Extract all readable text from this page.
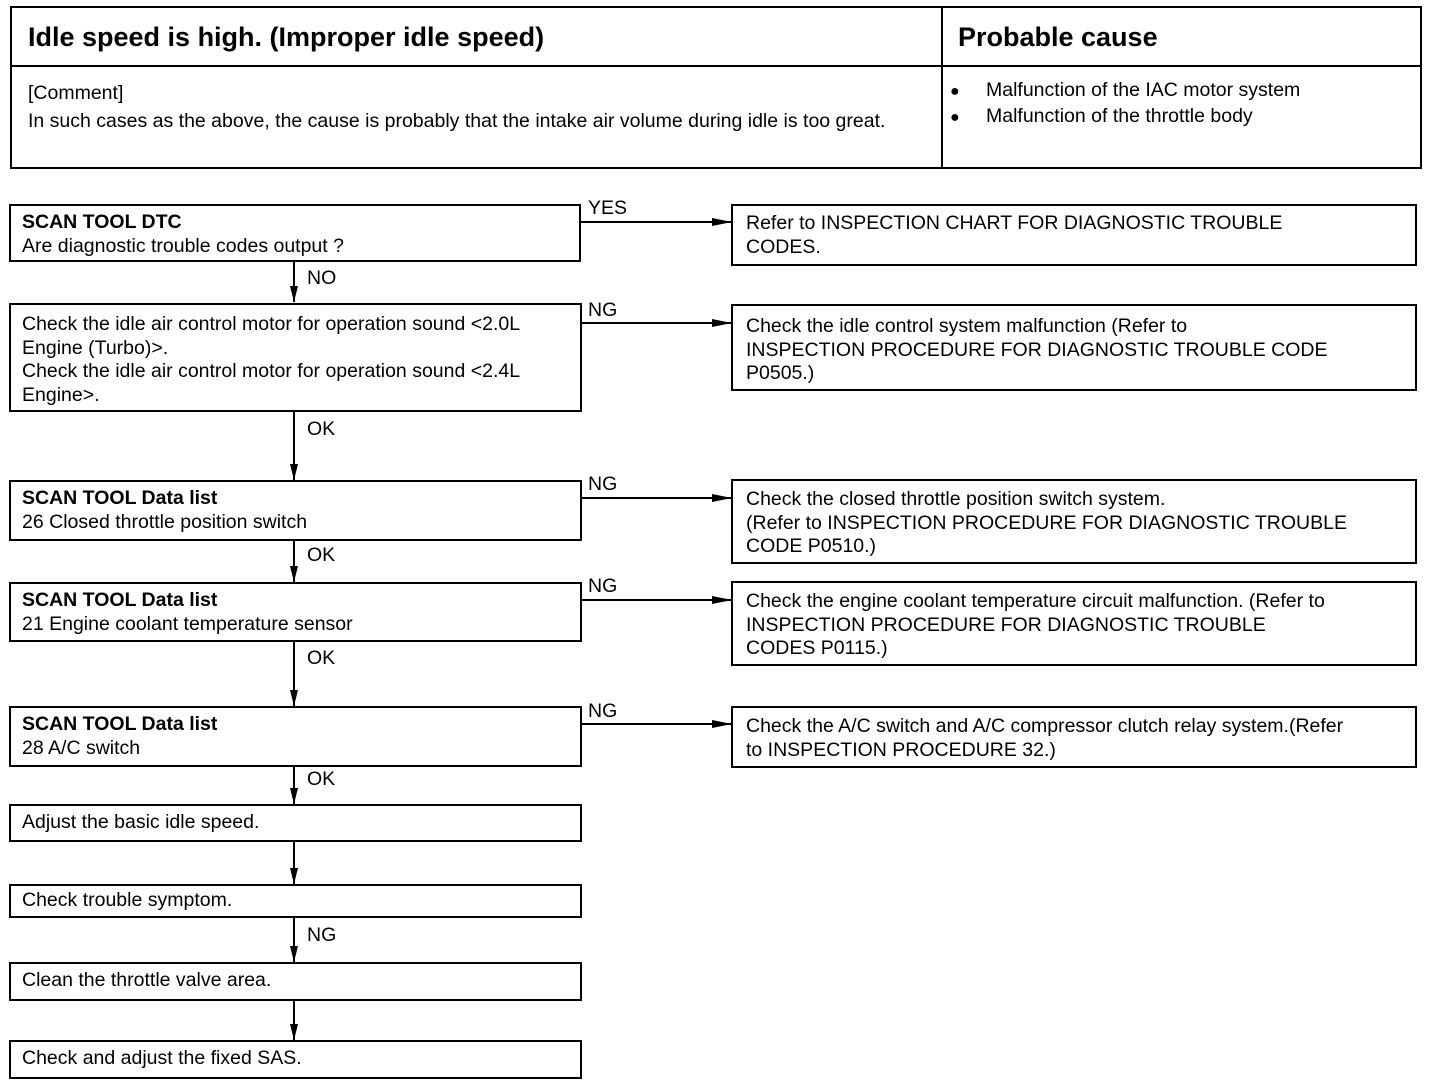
Idle speed is high. (Improper idle speed)	Probable cause
[Comment]
In such cases as the above, the cause is probably that the intake air volume during idle is too great.
● Malfunction of the IAC motor system
● Malfunction of the throttle body
SCAN TOOL DTC
Are diagnostic trouble codes output ?
Check the idle air control motor for operation sound <2.0L
Engine (Turbo)>.
Check the idle air control motor for operation sound <2.4L
Engine>.
SCAN TOOL Data list
26 Closed throttle position switch
SCAN TOOL Data list
21 Engine coolant temperature sensor
SCAN TOOL Data list
28 A/C switch
Adjust the basic idle speed.
Check trouble symptom.
Clean the throttle valve area.
Check and adjust the fixed SAS.
Refer to INSPECTION CHART FOR DIAGNOSTIC TROUBLE
CODES.
Check the idle control system malfunction (Refer to
INSPECTION PROCEDURE FOR DIAGNOSTIC TROUBLE CODE
P0505.)
Check the closed throttle position switch system.
(Refer to INSPECTION PROCEDURE FOR DIAGNOSTIC TROUBLE
CODE P0510.)
Check the engine coolant temperature circuit malfunction. (Refer to
INSPECTION PROCEDURE FOR DIAGNOSTIC TROUBLE
CODES P0115.)
Check the A/C switch and A/C compressor clutch relay system.(Refer
to INSPECTION PROCEDURE 32.)
YES
NG
NG
NG
NG
NO
OK
OK
OK
OK
NG
